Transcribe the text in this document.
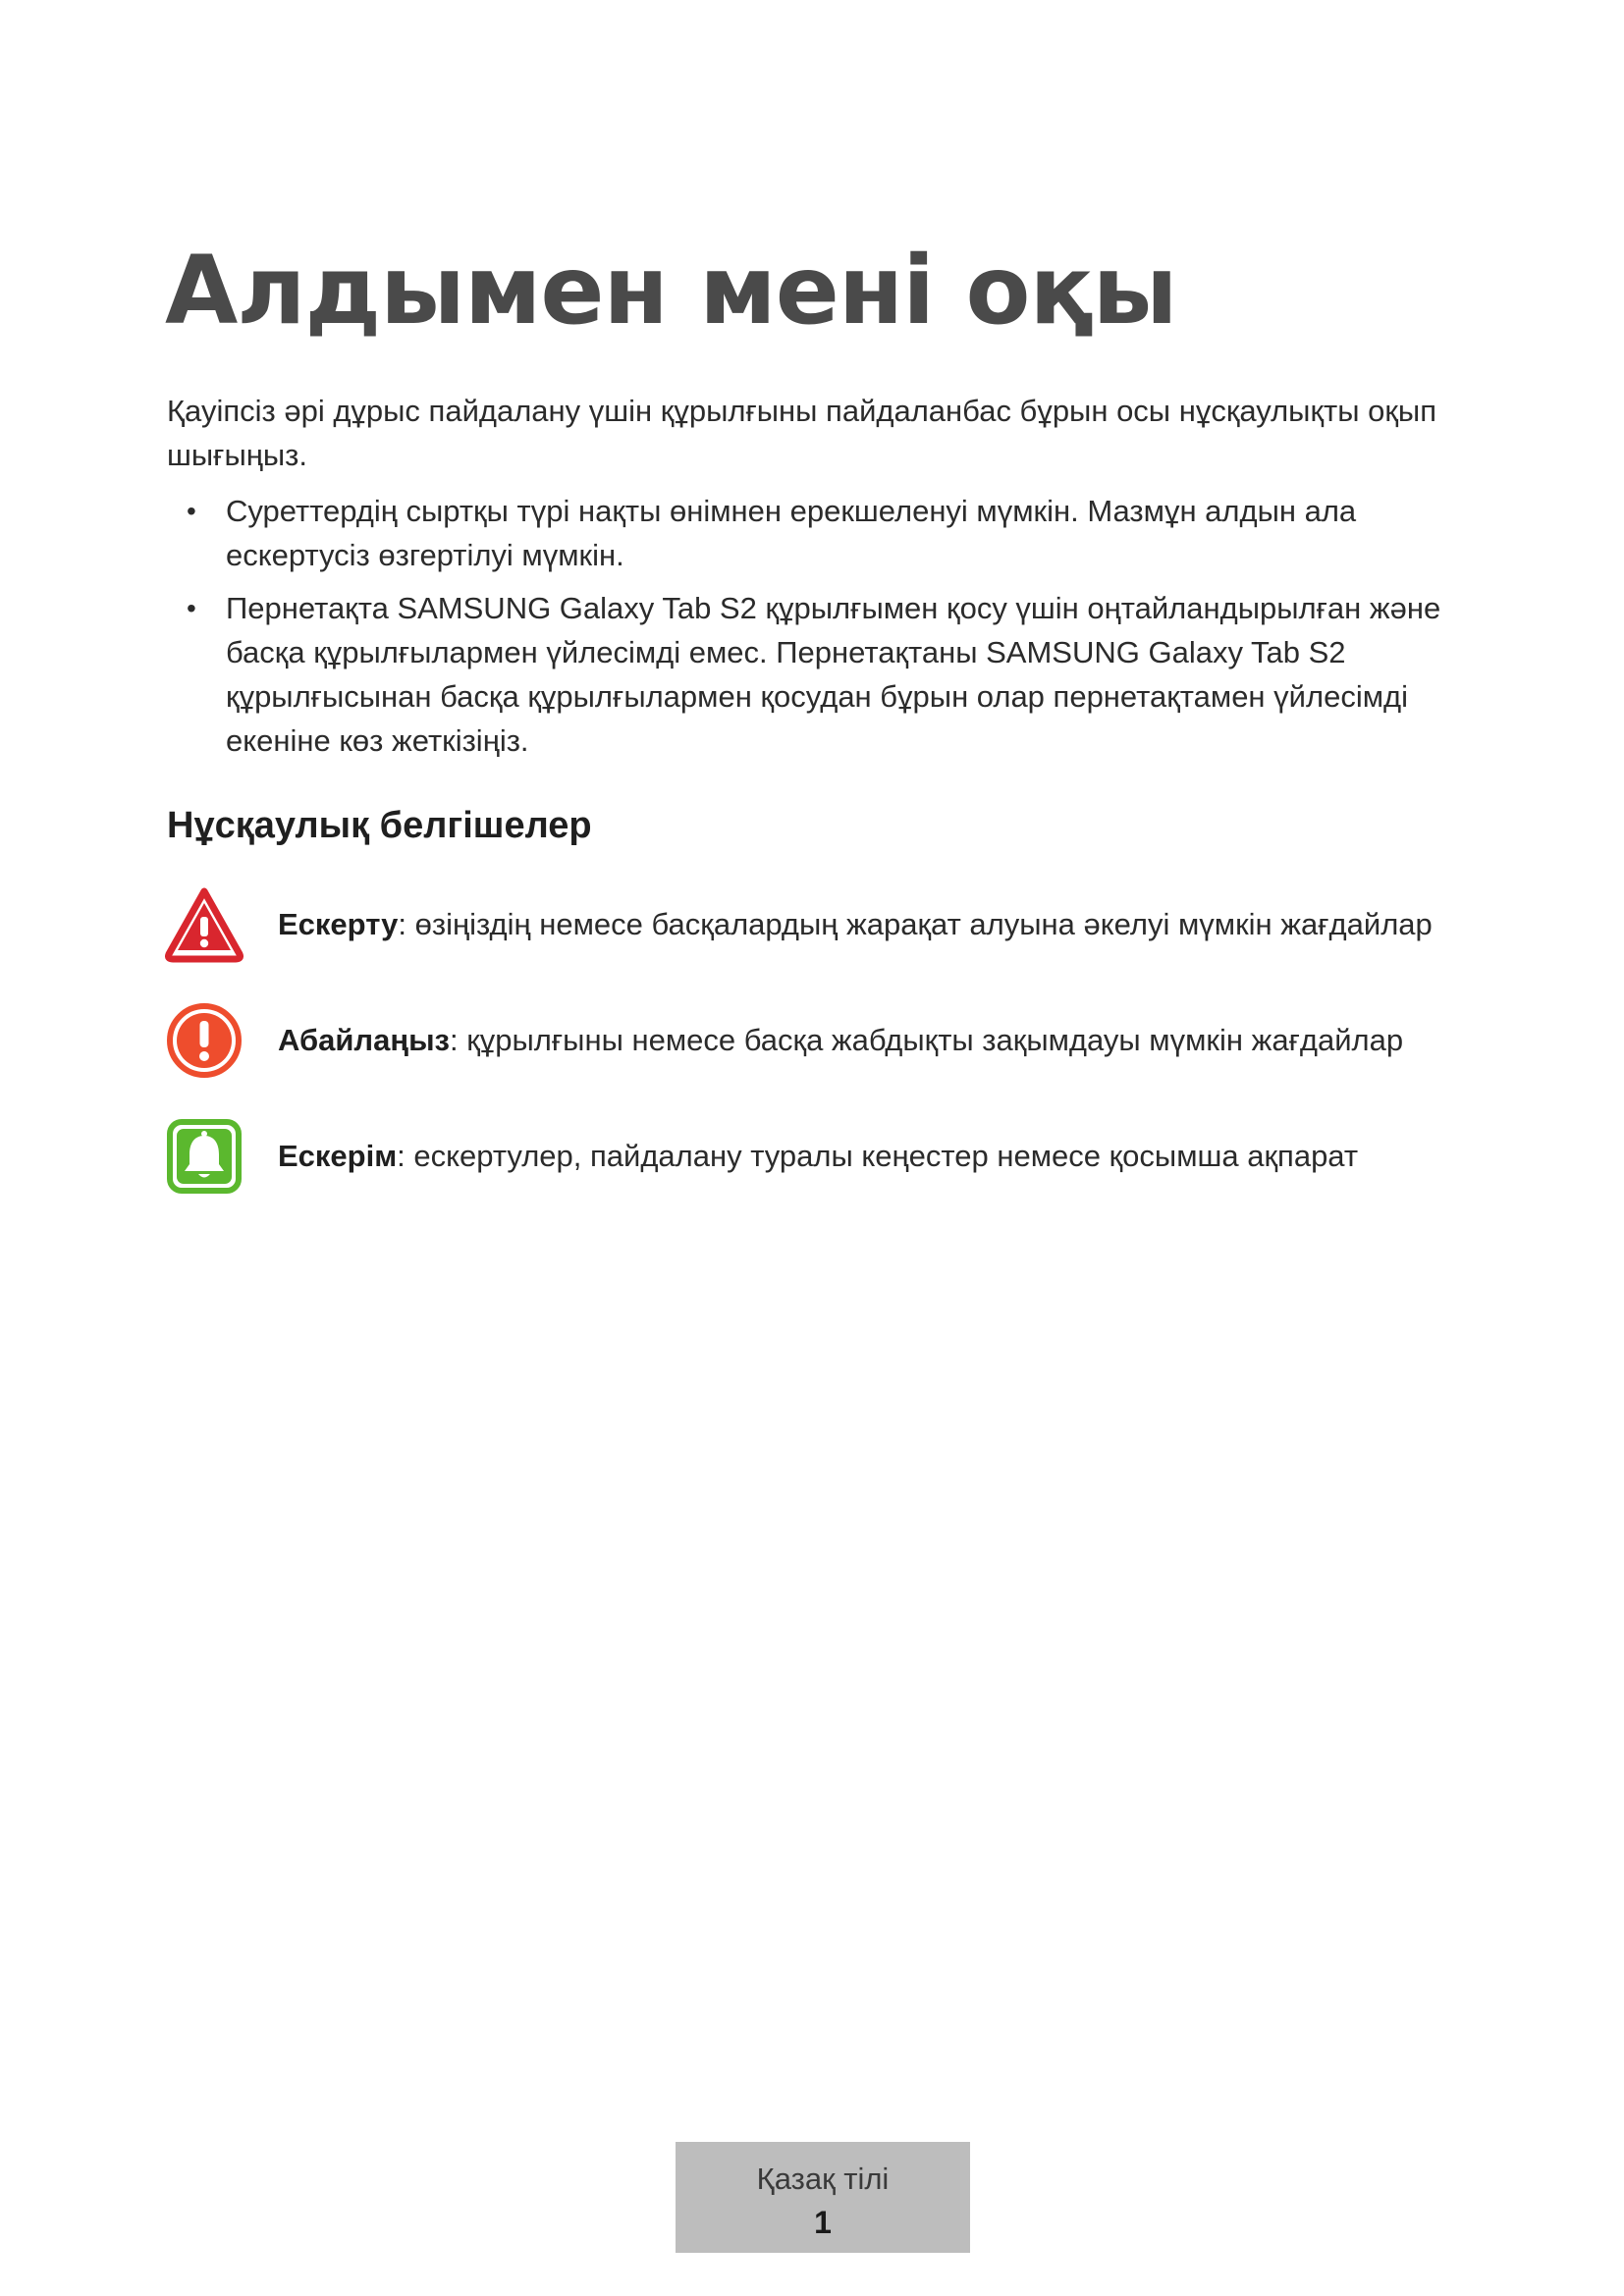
Алдымен мені оқы

Қауіпсіз әрі дұрыс пайдалану үшін құрылғыны пайдаланбас бұрын осы нұсқаулықты оқып шығыңыз.

• Суреттердің сыртқы түрі нақты өнімнен ерекшеленуі мүмкін. Мазмұн алдын ала ескертусіз өзгертілуі мүмкін.
• Пернетақта SAMSUNG Galaxy Tab S2 құрылғымен қосу үшін оңтайландырылған және басқа құрылғылармен үйлесімді емес. Пернетақтаны SAMSUNG Galaxy Tab S2 құрылғысынан басқа құрылғылармен қосудан бұрын олар пернетақтамен үйлесімді екеніне көз жеткізіңіз.
Нұсқаулық белгішелер
Ескерту: өзіңіздің немесе басқалардың жарақат алуына әкелуі мүмкін жағдайлар
Абайлаңыз: құрылғыны немесе басқа жабдықты зақымдауы мүмкін жағдайлар
Ескерім: ескертулер, пайдалану туралы кеңестер немесе қосымша ақпарат
Қазақ тілі
1
